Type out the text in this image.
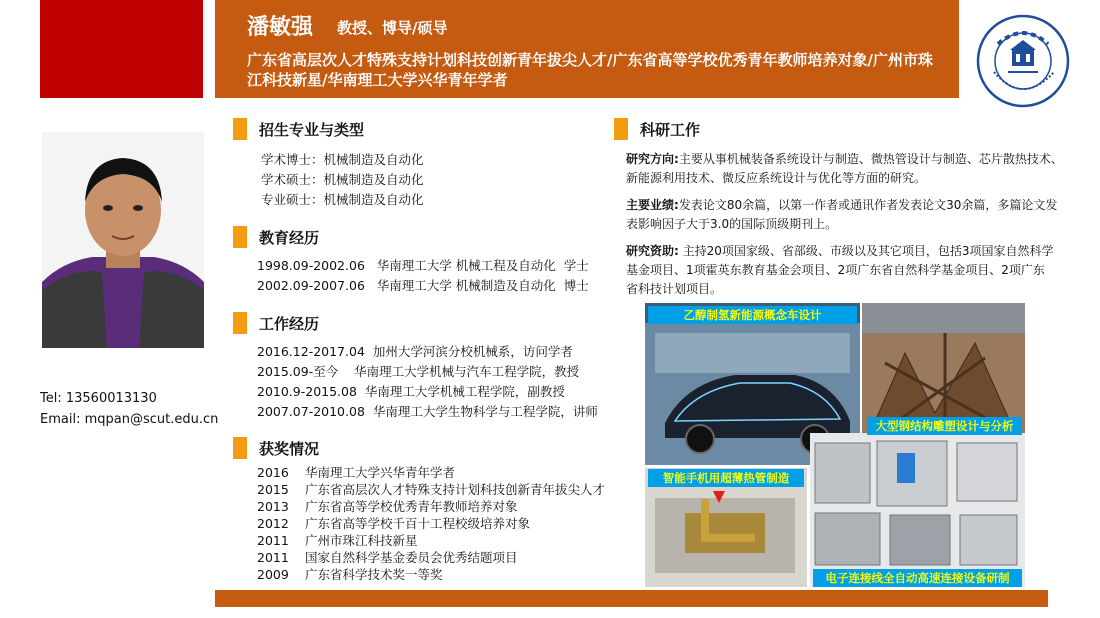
潘敏强 教授、博导/硕导
广东省高层次人才特殊支持计划科技创新青年拔尖人才/广东省高等学校优秀青年教师培养对象/广州市珠江科技新星/华南理工大学兴华青年学者
Tel: 13560013130
Email: mqpan@scut.edu.cn
招生专业与类型
学术博士：机械制造及自动化
学术硕士：机械制造及自动化
专业硕士：机械制造及自动化
教育经历
1998.09-2002.06   华南理工大学 机械工程及自动化  学士
2002.09-2007.06   华南理工大学 机械制造及自动化  博士
工作经历
2016.12-2017.04  加州大学河滨分校机械系，访问学者
2015.09-至今    华南理工大学机械与汽车工程学院，教授
2010.9-2015.08  华南理工大学机械工程学院，副教授
2007.07-2010.08  华南理工大学生物科学与工程学院，讲师
获奖情况
2016 华南理工大学兴华青年学者
2015 广东省高层次人才特殊支持计划科技创新青年拔尖人才
2013 广东省高等学校优秀青年教师培养对象
2012 广东省高等学校千百十工程校级培养对象
2011 广州市珠江科技新星
2011 国家自然科学基金委员会优秀结题项目
2009 广东省科学技术奖一等奖
科研工作
研究方向:主要从事机械装备系统设计与制造、微热管设计与制造、芯片散热技术、新能源利用技术、微反应系统设计与优化等方面的研究。
主要业绩:发表论文80余篇，以第一作者或通讯作者发表论文30余篇，多篇论文发表影响因子大于3.0的国际顶级期刊上。
研究资助: 主持20项国家级、省部级、市级以及其它项目，包括3项国家自然科学基金项目、1项霍英东教育基金会项目、2项广东省自然科学基金项目、2项广东省科技计划项目。
乙醇制氢新能源概念车设计
大型钢结构雕塑设计与分析
智能手机用超薄热管制造
电子连接线全自动高速连接设备研制
